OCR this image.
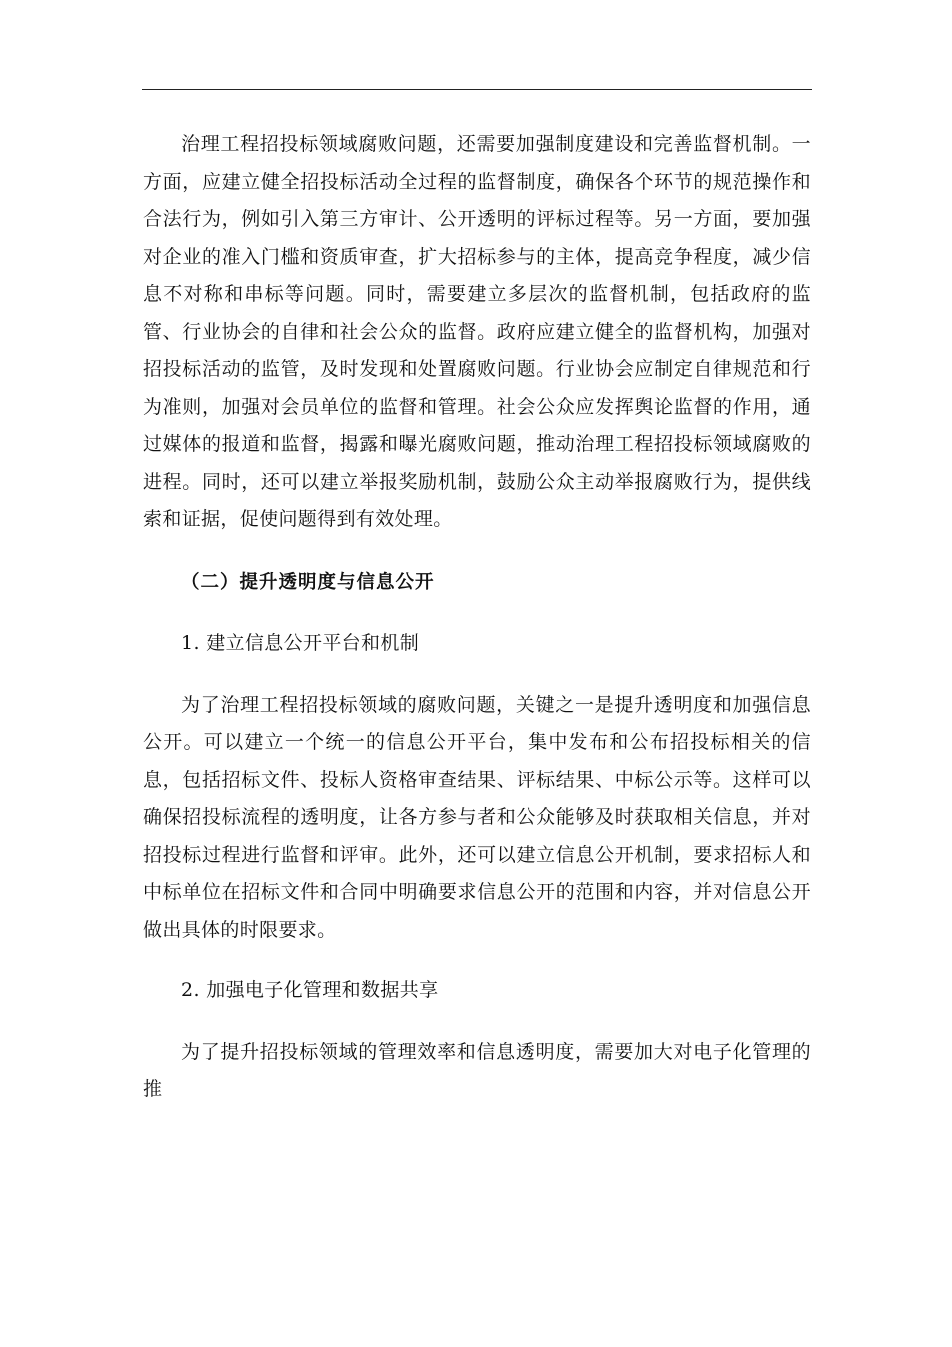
治理工程招投标领域腐败问题，还需要加强制度建设和完善监督机制。一方面，应建立健全招投标活动全过程的监督制度，确保各个环节的规范操作和合法行为，例如引入第三方审计、公开透明的评标过程等。另一方面，要加强对企业的准入门槛和资质审查，扩大招标参与的主体，提高竞争程度，减少信息不对称和串标等问题。同时，需要建立多层次的监督机制，包括政府的监管、行业协会的自律和社会公众的监督。政府应建立健全的监督机构，加强对招投标活动的监管，及时发现和处置腐败问题。行业协会应制定自律规范和行为准则，加强对会员单位的监督和管理。社会公众应发挥舆论监督的作用，通过媒体的报道和监督，揭露和曝光腐败问题，推动治理工程招投标领域腐败的进程。同时，还可以建立举报奖励机制，鼓励公众主动举报腐败行为，提供线索和证据，促使问题得到有效处理。

（二）提升透明度与信息公开

1. 建立信息公开平台和机制

为了治理工程招投标领域的腐败问题，关键之一是提升透明度和加强信息公开。可以建立一个统一的信息公开平台，集中发布和公布招投标相关的信息，包括招标文件、投标人资格审查结果、评标结果、中标公示等。这样可以确保招投标流程的透明度，让各方参与者和公众能够及时获取相关信息，并对招投标过程进行监督和评审。此外，还可以建立信息公开机制，要求招标人和中标单位在招标文件和合同中明确要求信息公开的范围和内容，并对信息公开做出具体的时限要求。

2. 加强电子化管理和数据共享

为了提升招投标领域的管理效率和信息透明度，需要加大对电子化管理的推
